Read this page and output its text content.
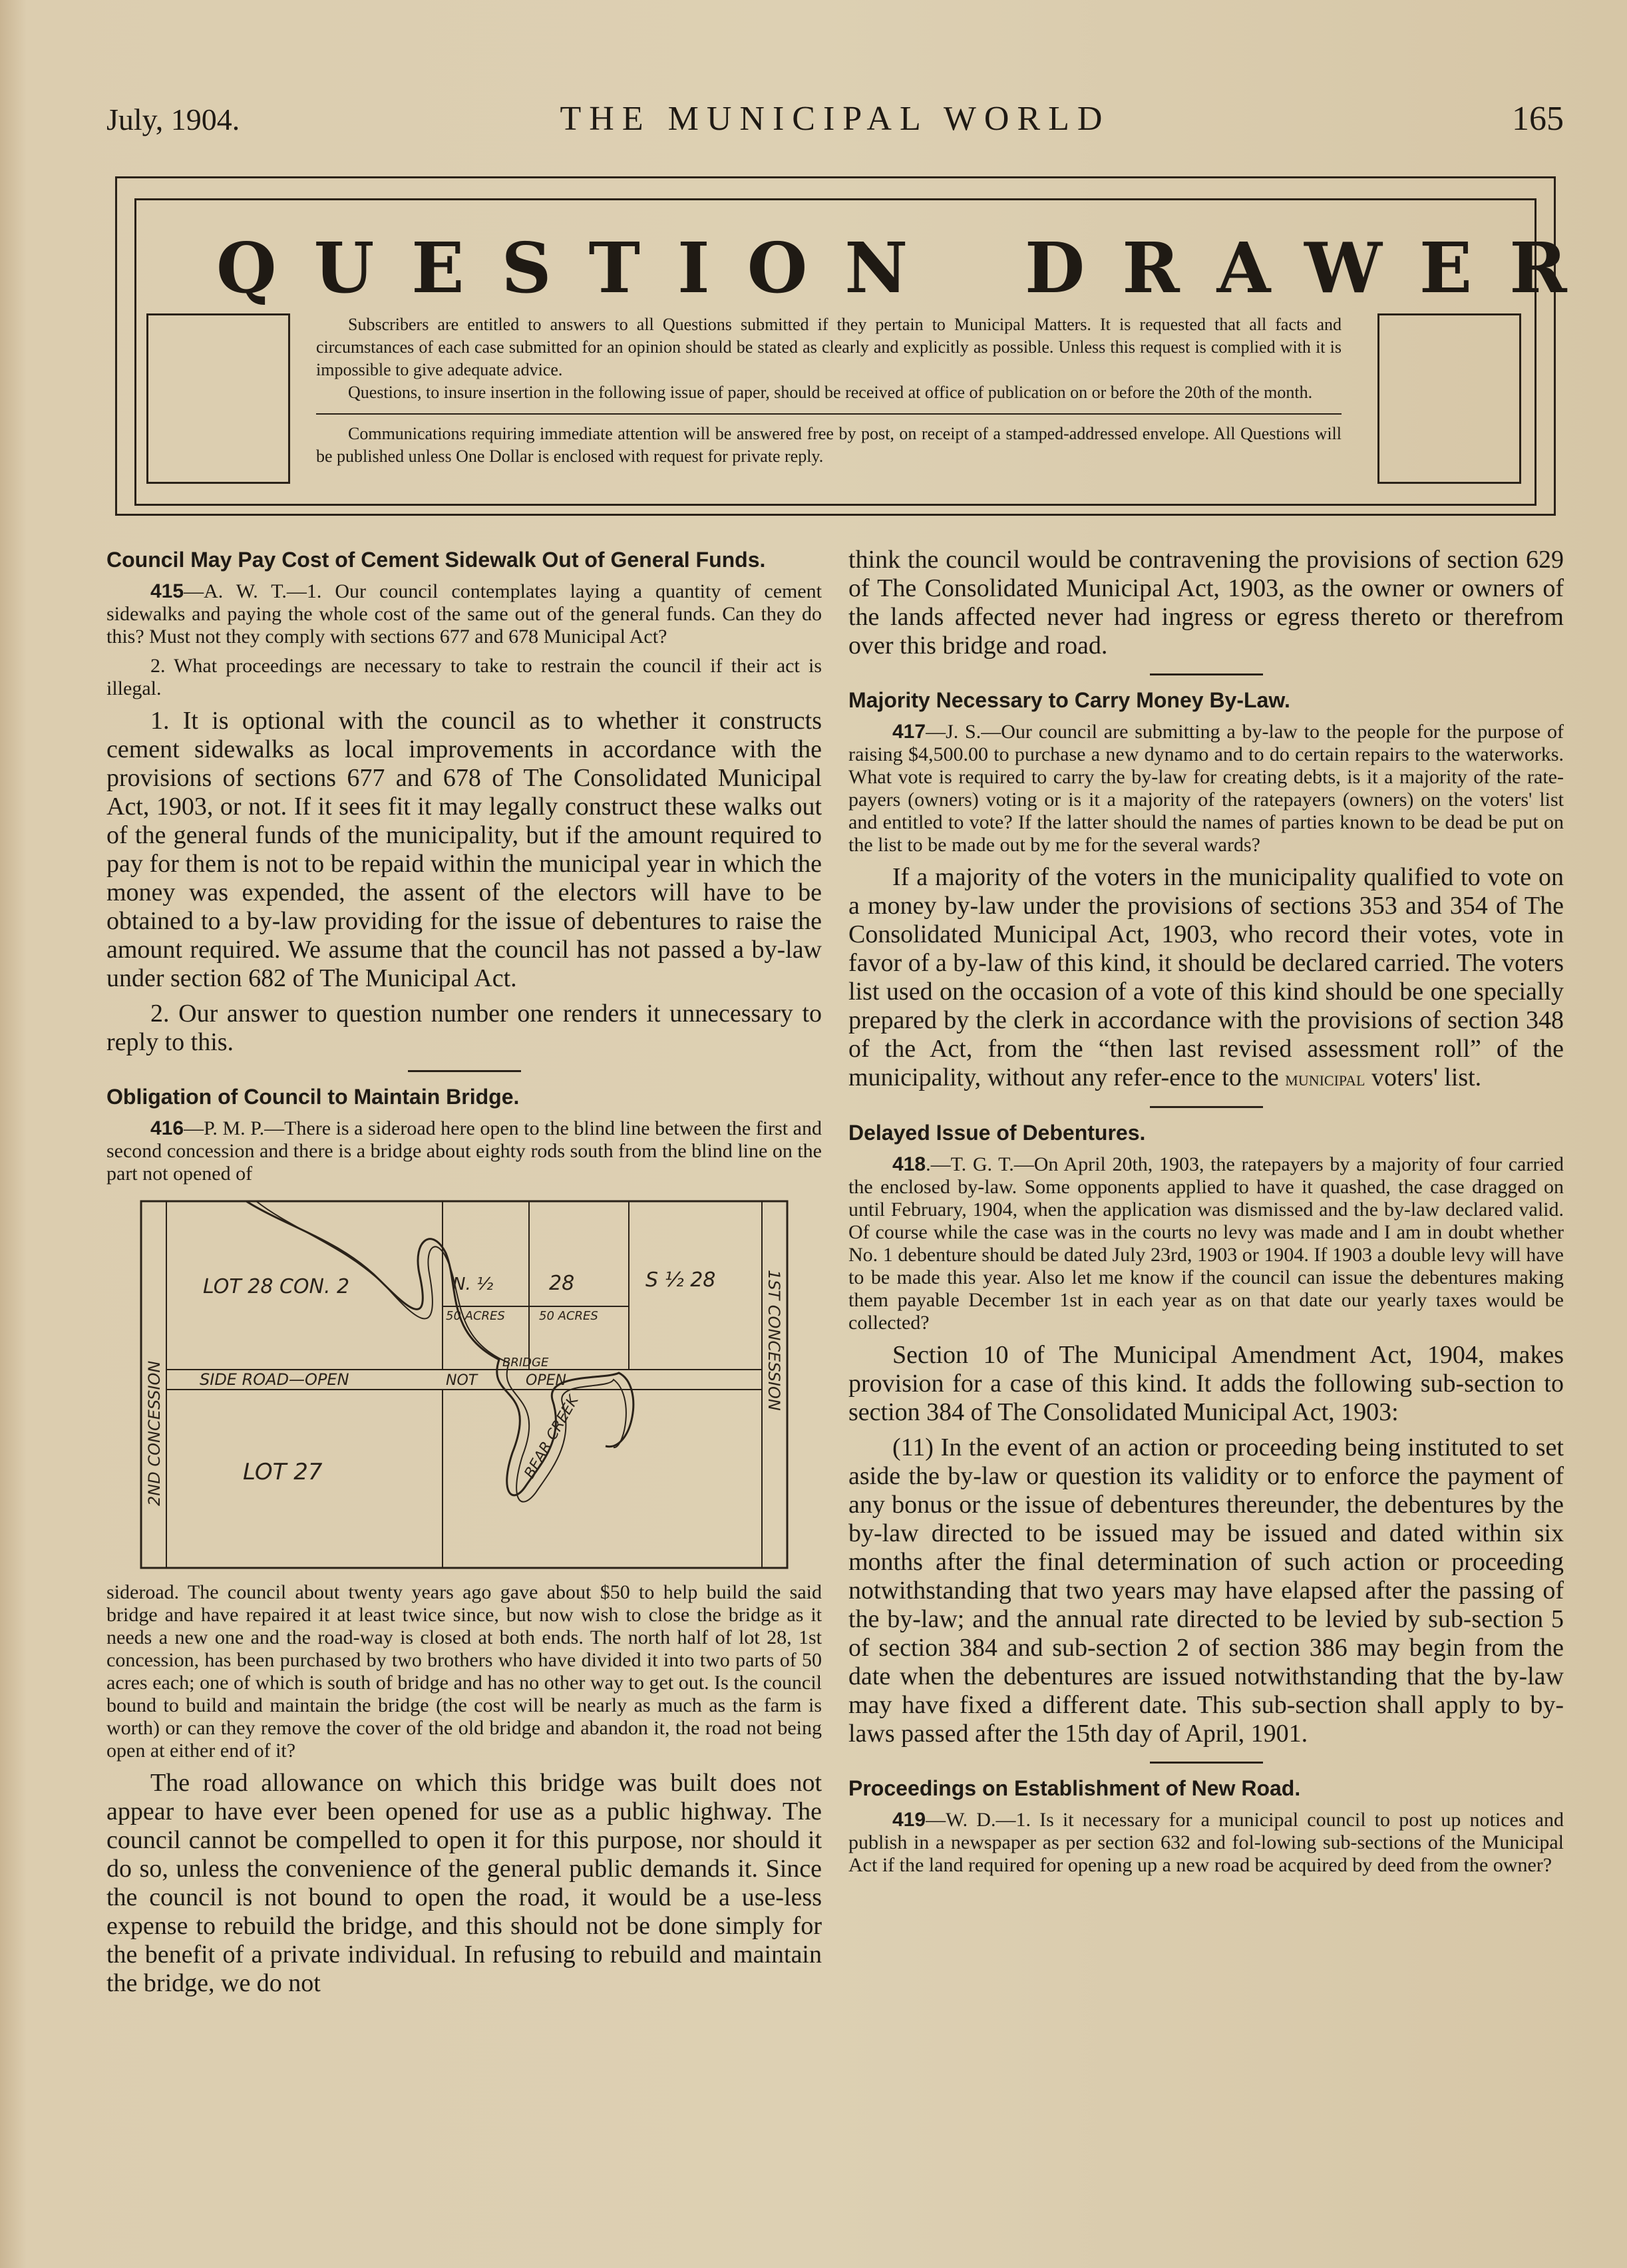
July, 1904.	THE MUNICIPAL WORLD	165
QUESTION DRAWER

Subscribers are entitled to answers to all Questions submitted if they pertain to Municipal Matters. It is requested that all facts and circumstances of each case submitted for an opinion should be stated as clearly and explicitly as possible. Unless this request is complied with it is impossible to give adequate advice.

Questions, to insure insertion in the following issue of paper, should be received at office of publication on or before the 20th of the month.

Communications requiring immediate attention will be answered free by post, on receipt of a stamped-addressed envelope. All Questions will be published unless One Dollar is enclosed with request for private reply.

Council May Pay Cost of Cement Sidewalk Out of General Funds.

415—A. W. T.—1. Our council contemplates laying a quantity of cement sidewalks and paying the whole cost of the same out of the general funds. Can they do this? Must not they comply with sections 677 and 678 Municipal Act?

2. What proceedings are necessary to take to restrain the council if their act is illegal.

1. It is optional with the council as to whether it constructs cement sidewalks as local improvements in accordance with the provisions of sections 677 and 678 of The Consolidated Municipal Act, 1903, or not. If it sees fit it may legally construct these walks out of the general funds of the municipality, but if the amount required to pay for them is not to be repaid within the municipal year in which the money was expended, the assent of the electors will have to be obtained to a by-law providing for the issue of debentures to raise the amount required. We assume that the council has not passed a by-law under section 682 of The Municipal Act.

2. Our answer to question number one renders it unnecessary to reply to this.

Obligation of Council to Maintain Bridge.

416—P. M. P.—There is a sideroad here open to the blind line between the first and second concession and there is a bridge about eighty rods south from the blind line on the part not opened of

LOT 28 CON. 2
LOT 27
N. ½
50 ACRES
28
50 ACRES
S ½ 28
SIDE ROAD—OPEN	NOT	OPEN
BRIDGE
BEAR CREEK
2ND CONCESSION
1ST CONCESSION

sideroad. The council about twenty years ago gave about $50 to help build the said bridge and have repaired it at least twice since, but now wish to close the bridge as it needs a new one and the road-way is closed at both ends. The north half of lot 28, 1st concession, has been purchased by two brothers who have divided it into two parts of 50 acres each; one of which is south of bridge and has no other way to get out. Is the council bound to build and maintain the bridge (the cost will be nearly as much as the farm is worth) or can they remove the cover of the old bridge and abandon it, the road not being open at either end of it?

The road allowance on which this bridge was built does not appear to have ever been opened for use as a public highway. The council cannot be compelled to open it for this purpose, nor should it do so, unless the convenience of the general public demands it. Since the council is not bound to open the road, it would be a use-less expense to rebuild the bridge, and this should not be done simply for the benefit of a private individual. In refusing to rebuild and maintain the bridge, we do not

think the council would be contravening the provisions of section 629 of The Consolidated Municipal Act, 1903, as the owner or owners of the lands affected never had ingress or egress thereto or therefrom over this bridge and road.

Majority Necessary to Carry Money By-Law.

417—J. S.—Our council are submitting a by-law to the people for the purpose of raising $4,500.00 to purchase a new dynamo and to do certain repairs to the waterworks. What vote is required to carry the by-law for creating debts, is it a majority of the rate-payers (owners) voting or is it a majority of the ratepayers (owners) on the voters' list and entitled to vote? If the latter should the names of parties known to be dead be put on the list to be made out by me for the several wards?

If a majority of the voters in the municipality qualified to vote on a money by-law under the provisions of sections 353 and 354 of The Consolidated Municipal Act, 1903, who record their votes, vote in favor of a by-law of this kind, it should be declared carried. The voters list used on the occasion of a vote of this kind should be one specially prepared by the clerk in accordance with the provisions of section 348 of the Act, from the “then last revised assessment roll” of the municipality, without any refer-ence to the municipal voters' list.

Delayed Issue of Debentures.

418.—T. G. T.—On April 20th, 1903, the ratepayers by a majority of four carried the enclosed by-law. Some opponents applied to have it quashed, the case dragged on until February, 1904, when the application was dismissed and the by-law declared valid. Of course while the case was in the courts no levy was made and I am in doubt whether No. 1 debenture should be dated July 23rd, 1903 or 1904. If 1903 a double levy will have to be made this year. Also let me know if the council can issue the debentures making them payable December 1st in each year as on that date our yearly taxes would be collected?

Section 10 of The Municipal Amendment Act, 1904, makes provision for a case of this kind. It adds the following sub-section to section 384 of The Consolidated Municipal Act, 1903:

(11) In the event of an action or proceeding being instituted to set aside the by-law or question its validity or to enforce the payment of any bonus or the issue of debentures thereunder, the debentures by the by-law directed to be issued may be issued and dated within six months after the final determination of such action or proceeding notwithstanding that two years may have elapsed after the passing of the by-law; and the annual rate directed to be levied by sub-section 5 of section 384 and sub-section 2 of section 386 may begin from the date when the debentures are issued notwithstanding that the by-law may have fixed a different date. This sub-section shall apply to by-laws passed after the 15th day of April, 1901.

Proceedings on Establishment of New Road.

419—W. D.—1. Is it necessary for a municipal council to post up notices and publish in a newspaper as per section 632 and fol-lowing sub-sections of the Municipal Act if the land required for opening up a new road be acquired by deed from the owner?
